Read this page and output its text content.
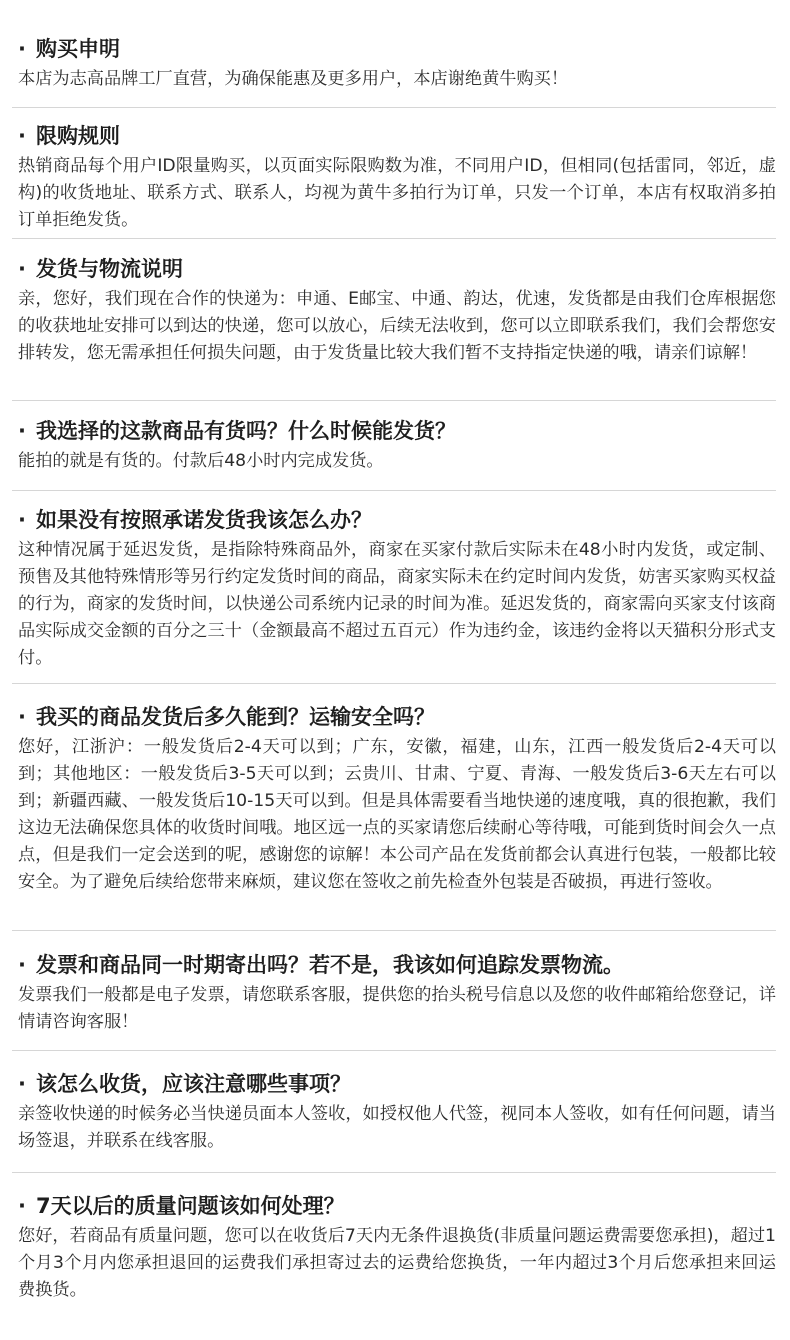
· 购买申明

本店为志高品牌工厂直营，为确保能惠及更多用户，本店谢绝黄牛购买！

· 限购规则

热销商品每个用户ID限量购买，以页面实际限购数为准，不同用户ID，但相同(包括雷同，邻近，虚构)的收货地址、联系方式、联系人，均视为黄牛多拍行为订单，只发一个订单，本店有权取消多拍订单拒绝发货。

· 发货与物流说明

亲，您好，我们现在合作的快递为：申通、E邮宝、中通、韵达，优速，发货都是由我们仓库根据您的收获地址安排可以到达的快递，您可以放心，后续无法收到，您可以立即联系我们，我们会帮您安排转发，您无需承担任何损失问题，由于发货量比较大我们暂不支持指定快递的哦，请亲们谅解！

· 我选择的这款商品有货吗？什么时候能发货？

能拍的就是有货的。付款后48小时内完成发货。

· 如果没有按照承诺发货我该怎么办？

这种情况属于延迟发货，是指除特殊商品外，商家在买家付款后实际未在48小时内发货，或定制、预售及其他特殊情形等另行约定发货时间的商品，商家实际未在约定时间内发货，妨害买家购买权益的行为，商家的发货时间，以快递公司系统内记录的时间为准。延迟发货的，商家需向买家支付该商品实际成交金额的百分之三十（金额最高不超过五百元）作为违约金，该违约金将以天猫积分形式支付。

· 我买的商品发货后多久能到？运输安全吗？

您好，江浙沪：一般发货后2-4天可以到；广东，安徽，福建，山东，江西一般发货后2-4天可以到；其他地区：一般发货后3-5天可以到；云贵川、甘肃、宁夏、青海、一般发货后3-6天左右可以到；新疆西藏、一般发货后10-15天可以到。但是具体需要看当地快递的速度哦，真的很抱歉，我们这边无法确保您具体的收货时间哦。地区远一点的买家请您后续耐心等待哦，可能到货时间会久一点点，但是我们一定会送到的呢，感谢您的谅解！本公司产品在发货前都会认真进行包装，一般都比较安全。为了避免后续给您带来麻烦，建议您在签收之前先检查外包装是否破损，再进行签收。

· 发票和商品同一时期寄出吗？若不是，我该如何追踪发票物流。

发票我们一般都是电子发票，请您联系客服，提供您的抬头税号信息以及您的收件邮箱给您登记，详情请咨询客服！

· 该怎么收货，应该注意哪些事项？

亲签收快递的时候务必当快递员面本人签收，如授权他人代签，视同本人签收，如有任何问题，请当场签退，并联系在线客服。

· 7天以后的质量问题该如何处理？

您好，若商品有质量问题，您可以在收货后7天内无条件退换货(非质量问题运费需要您承担)，超过1个月3个月内您承担退回的运费我们承担寄过去的运费给您换货，一年内超过3个月后您承担来回运费换货。
